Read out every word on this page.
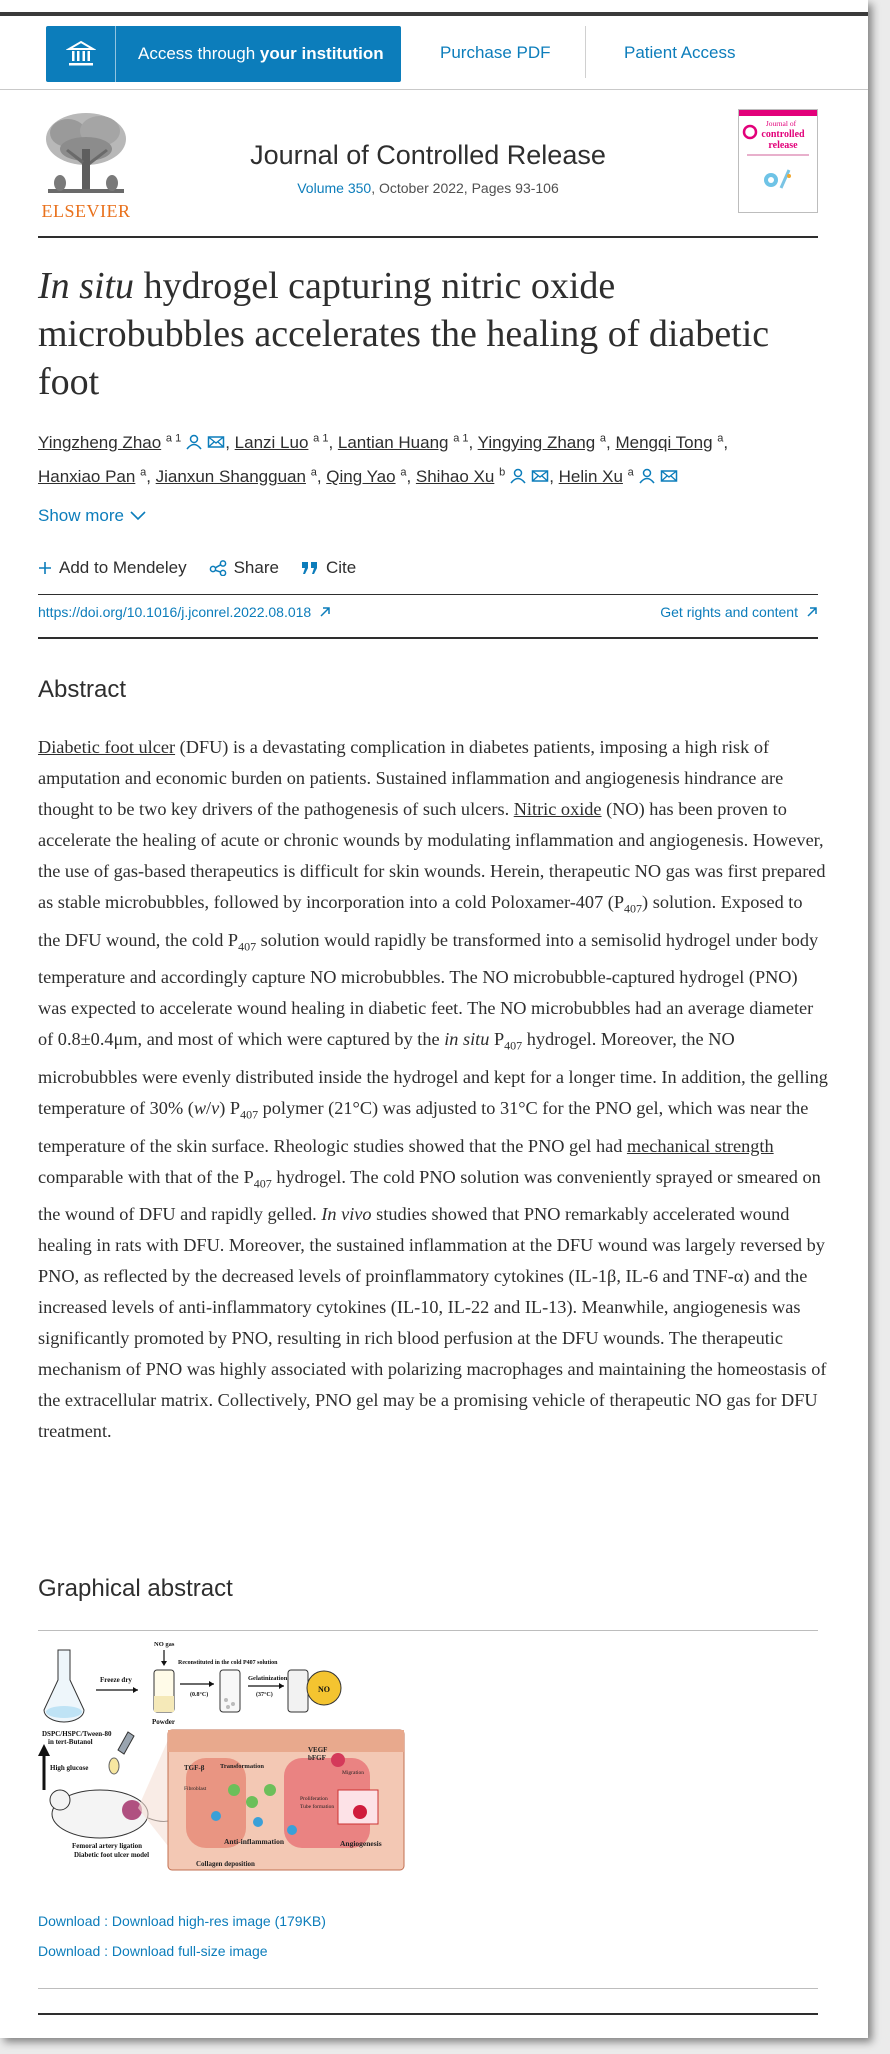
Access through your institution	Purchase PDF	Patient Access
ELSEVIER
Journal of Controlled Release
Volume 350, October 2022, Pages 93-106
Journal of
controlled
release
In situ hydrogel capturing nitric oxide microbubbles accelerates the healing of diabetic foot
Yingzheng Zhao $^{a 1}$	, Lanzi Luo $^{a 1}$, Lantian Huang $^{a 1}$, Yingying Zhang $^a$, Mengqi Tong $^a$,
Hanxiao Pan $^a$, Jianxun Shangguan $^a$, Qing Yao $^a$, Shihao Xu $^b$	, Helin Xu $^a$
Show more
Add to Mendeley	Share	Cite
https://doi.org/10.1016/j.jconrel.2022.08.018	Get rights and content
Abstract

Diabetic foot ulcer (DFU) is a devastating complication in diabetes patients, imposing a high risk of amputation and economic burden on patients. Sustained inflammation and angiogenesis hindrance are thought to be two key drivers of the pathogenesis of such ulcers. Nitric oxide (NO) has been proven to accelerate the healing of acute or chronic wounds by modulating inflammation and angiogenesis. However, the use of gas-based therapeutics is difficult for skin wounds. Herein, therapeutic NO gas was first prepared as stable microbubbles, followed by incorporation into a cold Poloxamer-407 $(P_{407})$ solution. Exposed to the DFU wound, the cold $P_{407}$ solution would rapidly be transformed into a semisolid hydrogel under body temperature and accordingly capture NO microbubbles. The NO microbubble-captured hydrogel (PNO) was expected to accelerate wound healing in diabetic feet. The NO microbubbles had an average diameter of 0.8±0.4μm, and most of which were captured by the in situ $P_{407}$ hydrogel. Moreover, the NO microbubbles were evenly distributed inside the hydrogel and kept for a longer time. In addition, the gelling temperature of 30% (w/v) $P_{407}$ polymer (21°C) was adjusted to 31°C for the PNO gel, which was near the temperature of the skin surface. Rheologic studies showed that the PNO gel had mechanical strength comparable with that of the $P_{407}$ hydrogel. The cold PNO solution was conveniently sprayed or smeared on the wound of DFU and rapidly gelled. In vivo studies showed that PNO remarkably accelerated wound healing in rats with DFU. Moreover, the sustained inflammation at the DFU wound was largely reversed by PNO, as reflected by the decreased levels of proinflammatory cytokines (IL-1β, IL-6 and TNF-α) and the increased levels of anti-inflammatory cytokines (IL-10, IL-22 and IL-13). Meanwhile, angiogenesis was significantly promoted by PNO, resulting in rich blood perfusion at the DFU wounds. The therapeutic mechanism of PNO was highly associated with polarizing macrophages and maintaining the homeostasis of the extracellular matrix. Collectively, PNO gel may be a promising vehicle of therapeutic NO gas for DFU treatment.

Graphical abstract
DSPC/HSPC/Tween-80
in tert-Butanol
Freeze dry
NO gas
Powder
Reconstituted in the cold P407 solution
(0.8°C)
Gelatinization
(37°C)
NO
High glucose
Femoral artery ligation
Diabetic foot ulcer model
TGF-β Transformation
Fibroblast
VEGF
bFGF
Migration
Proliferation
Tube formation
Anti-inflammation	Angiogenesis
Collagen deposition
Download : Download high-res image (179KB)
Download : Download full-size image
